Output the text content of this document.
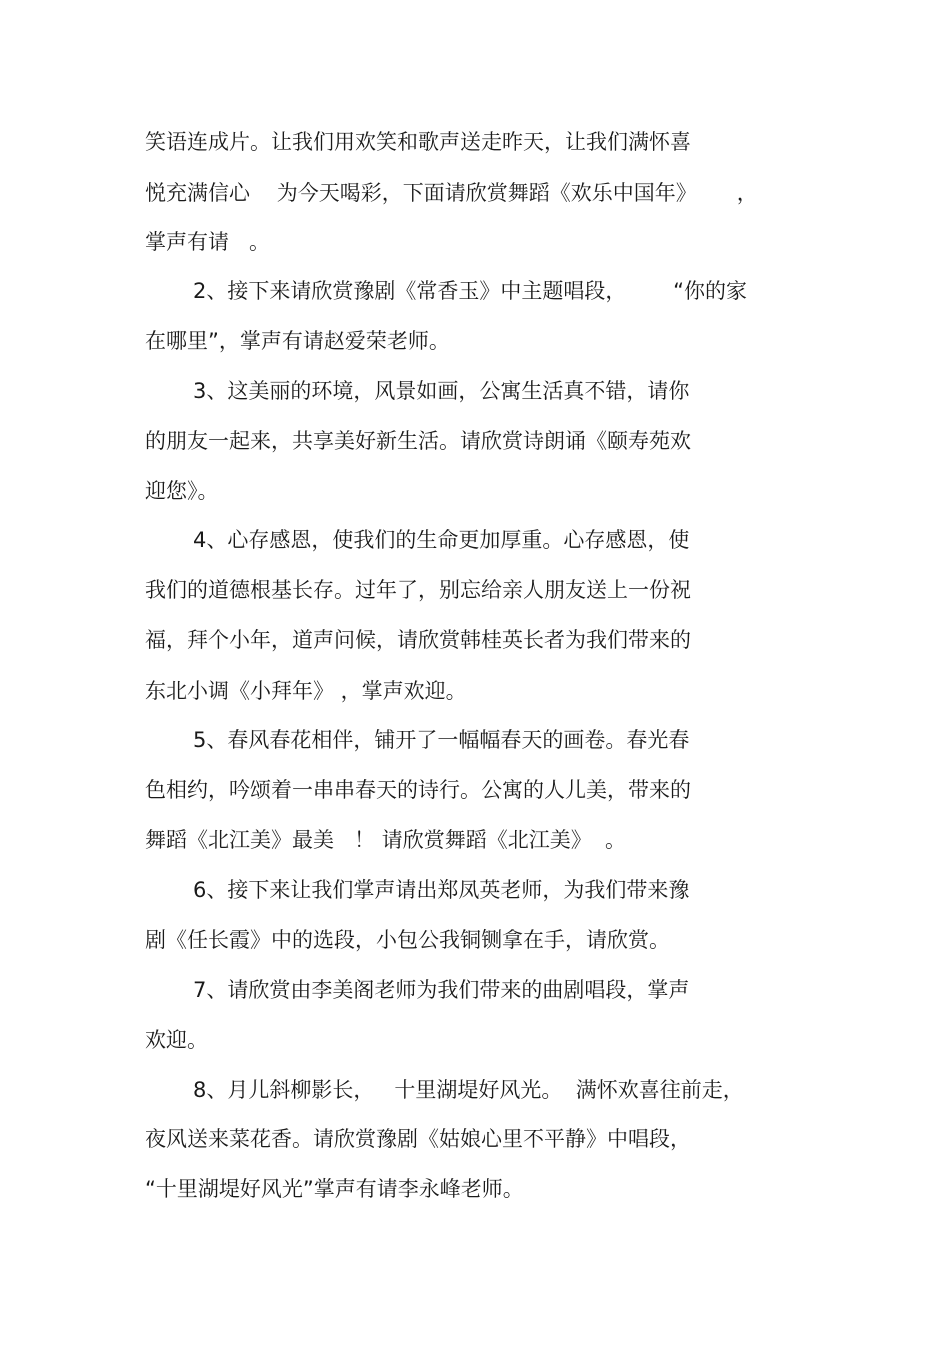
笑语连成片。让我们用欢笑和歌声送走昨天，让我们满怀喜
悦充满信心    为今天喝彩，下面请欣赏舞蹈《欢乐中国年》      ，
掌声有请   。
2、接下来请欣赏豫剧《常香玉》中主题唱段，       “你的家
在哪里”，掌声有请赵爱荣老师。
3、这美丽的环境，风景如画，公寓生活真不错，请你
的朋友一起来，共享美好新生活。请欣赏诗朗诵《颐寿苑欢
迎您》。
4、心存感恩，使我们的生命更加厚重。心存感恩，使
我们的道德根基长存。过年了，别忘给亲人朋友送上一份祝
福，拜个小年，道声问候，请欣赏韩桂英长者为我们带来的
东北小调《小拜年》 ，掌声欢迎。
5、春风春花相伴，铺开了一幅幅春天的画卷。春光春
色相约，吟颂着一串串春天的诗行。公寓的人儿美，带来的
舞蹈《北江美》最美   ！ 请欣赏舞蹈《北江美》  。
6、接下来让我们掌声请出郑凤英老师，为我们带来豫
剧《任长霞》中的选段，小包公我铜铡拿在手，请欣赏。
7、请欣赏由李美阁老师为我们带来的曲剧唱段，掌声
欢迎。
8、月儿斜柳影长，   十里湖堤好风光。  满怀欢喜往前走，
夜风送来菜花香。请欣赏豫剧《姑娘心里不平静》中唱段，
“十里湖堤好风光”掌声有请李永峰老师。
